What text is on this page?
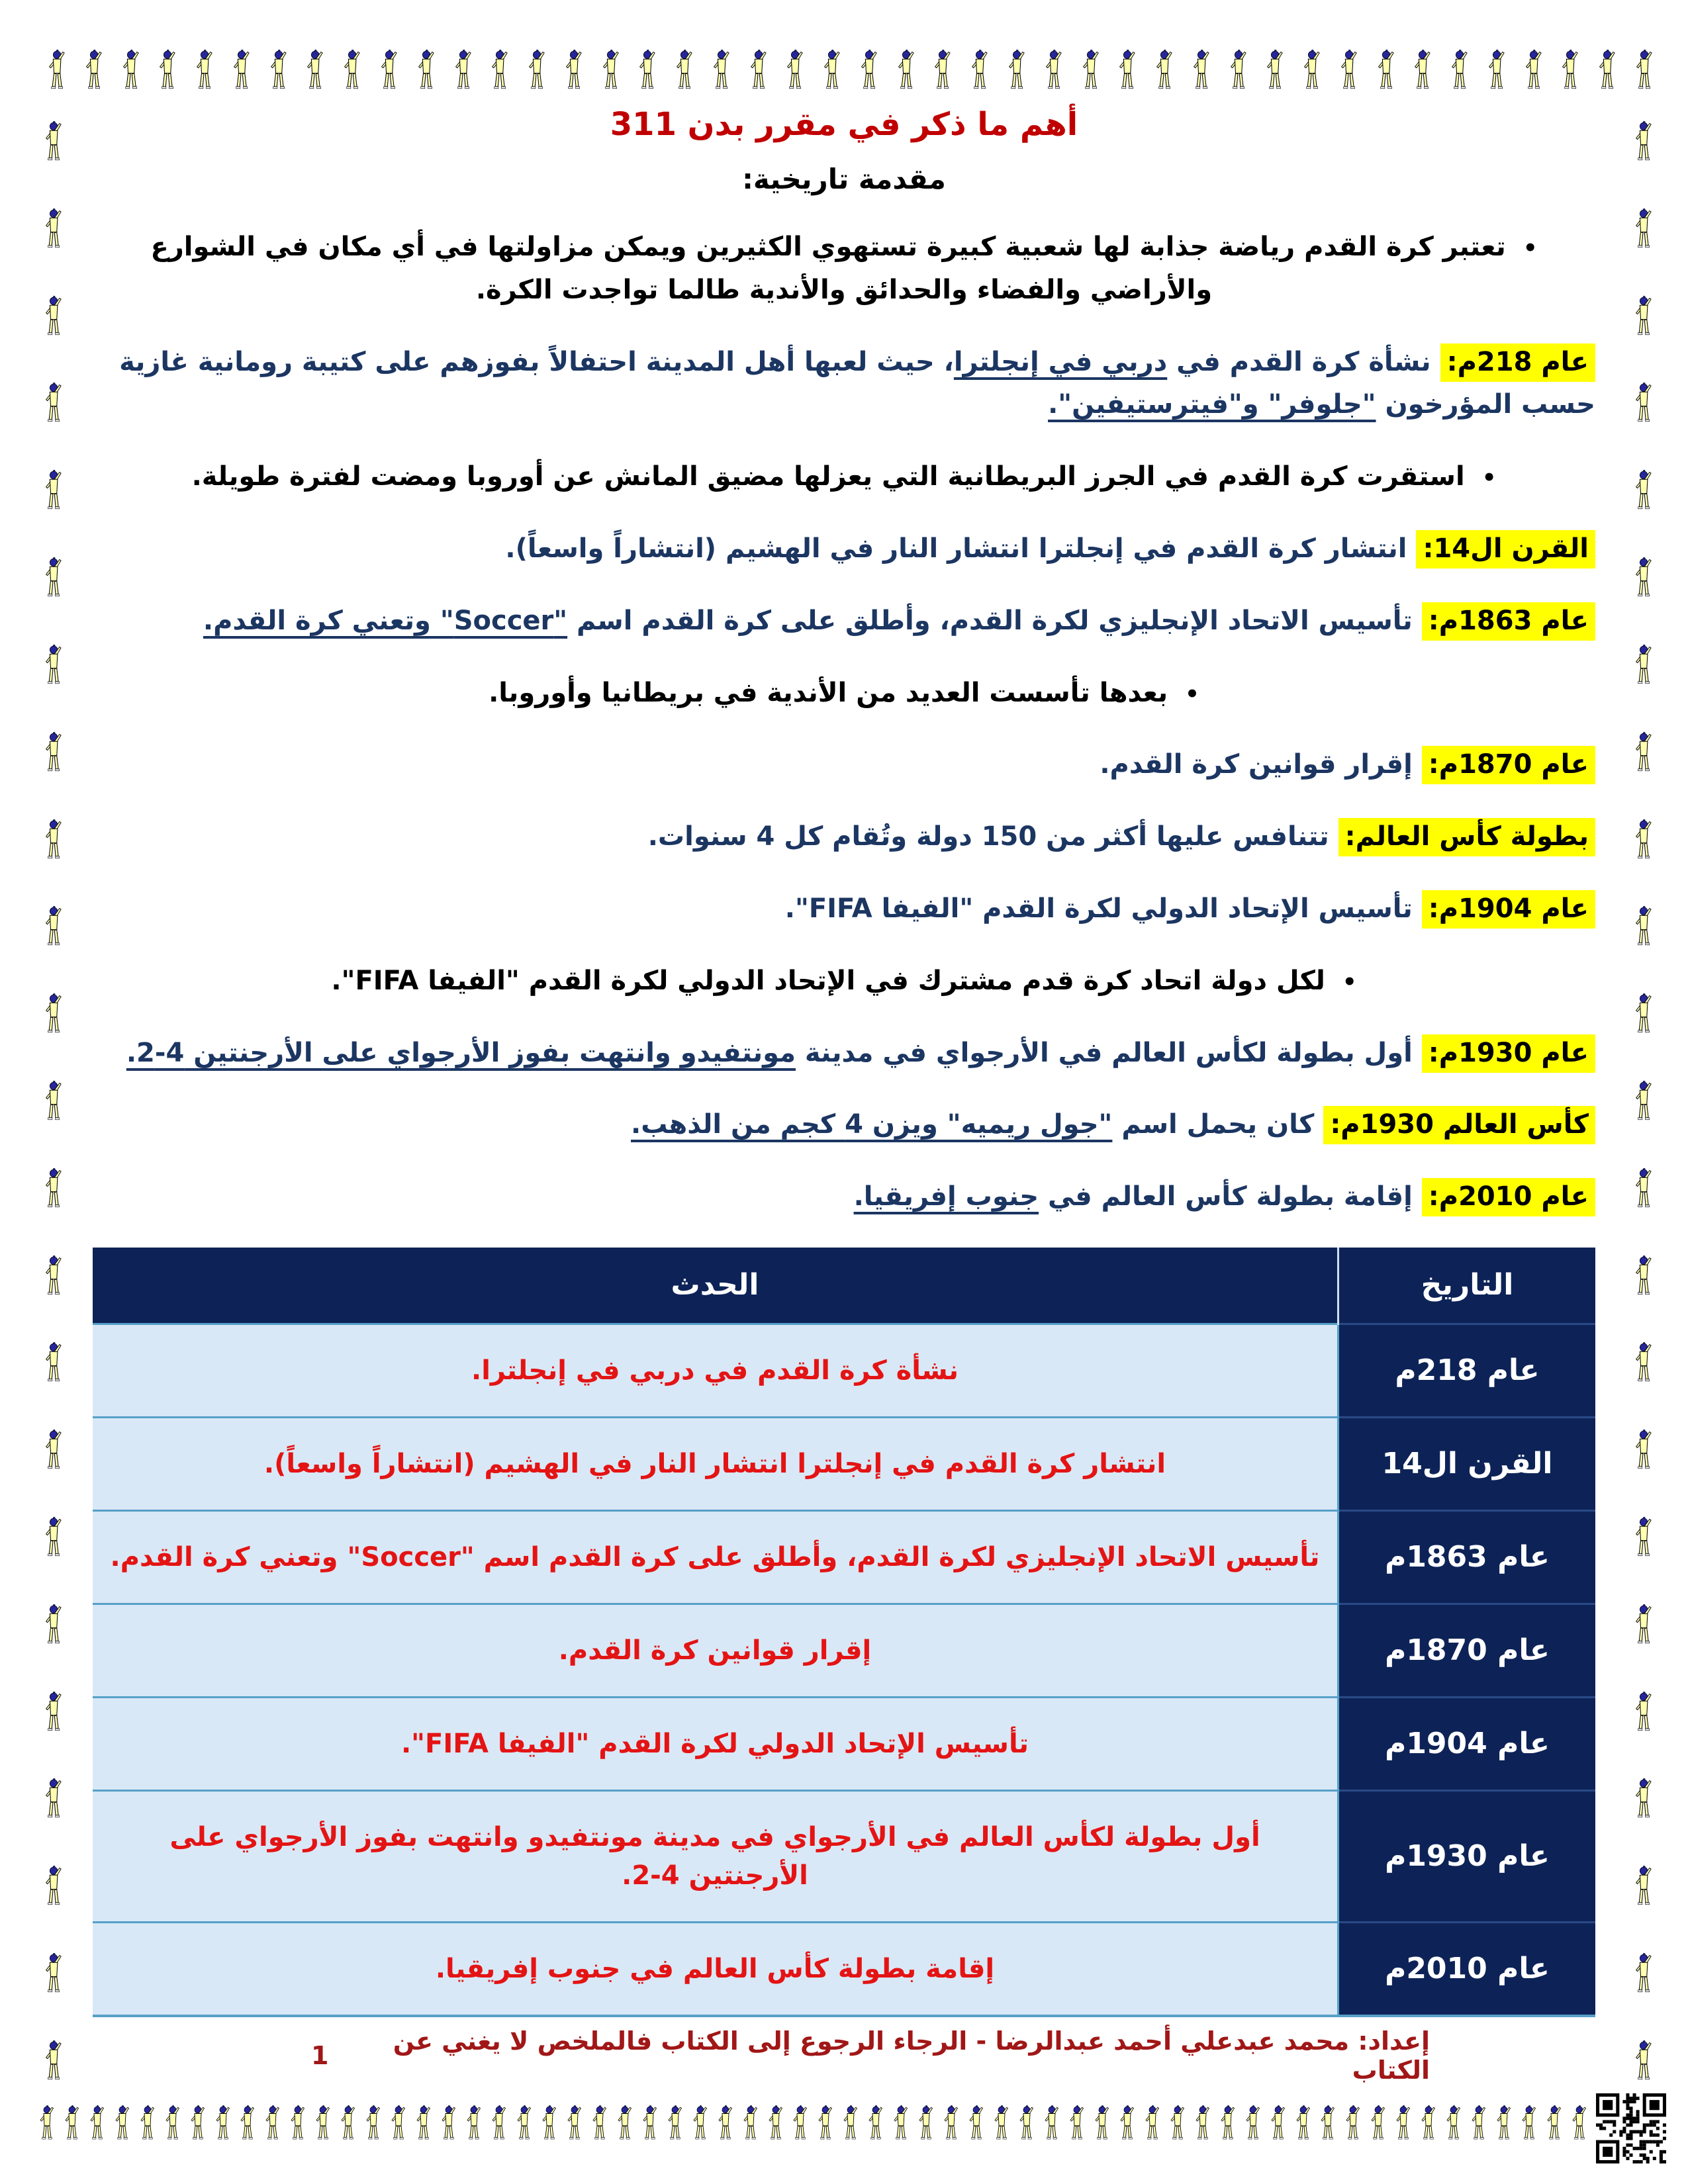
أهم ما ذكر في مقرر بدن 311
مقدمة تاريخية:

•تعتبر كرة القدم رياضة جذابة لها شعبية كبيرة تستهوي الكثيرين ويمكن مزاولتها في أي مكان في الشوارع والأراضي والفضاء والحدائق والأندية طالما تواجدت الكرة.

عام 218م: نشأة كرة القدم في دربي في إنجلترا، حيث لعبها أهل المدينة احتفالاً بفوزهم على كتيبة رومانية غازية حسب المؤرخون "جلوفر" و"فيترستيفين".

•استقرت كرة القدم في الجرز البريطانية التي يعزلها مضيق المانش عن أوروبا ومضت لفترة طويلة.

القرن ال14: انتشار كرة القدم في إنجلترا انتشار النار في الهشيم (انتشاراً واسعاً).

عام 1863م: تأسيس الاتحاد الإنجليزي لكرة القدم، وأطلق على كرة القدم اسم "Soccer" وتعني كرة القدم.

•بعدها تأسست العديد من الأندية في بريطانيا وأوروبا.

عام 1870م: إقرار قوانين كرة القدم.

بطولة كأس العالم: تتنافس عليها أكثر من 150 دولة وتُقام كل 4 سنوات.

عام 1904م: تأسيس الإتحاد الدولي لكرة القدم "الفيفا FIFA".

•لكل دولة اتحاد كرة قدم مشترك في الإتحاد الدولي لكرة القدم "الفيفا FIFA".

عام 1930م: أول بطولة لكأس العالم في الأرجواي في مدينة مونتفيدو وانتهت بفوز الأرجواي على الأرجنتين 4-2.

كأس العالم 1930م: كان يحمل اسم "جول ريميه" ويزن 4 كجم من الذهب.

عام 2010م: إقامة بطولة كأس العالم في جنوب إفريقيا.

التاريخ	الحدث
عام 218م	نشأة كرة القدم في دربي في إنجلترا.
القرن ال14	انتشار كرة القدم في إنجلترا انتشار النار في الهشيم (انتشاراً واسعاً).
عام 1863م	تأسيس الاتحاد الإنجليزي لكرة القدم، وأطلق على كرة القدم اسم "Soccer" وتعني كرة القدم.
عام 1870م	إقرار قوانين كرة القدم.
عام 1904م	تأسيس الإتحاد الدولي لكرة القدم "الفيفا FIFA".
عام 1930م	أول بطولة لكأس العالم في الأرجواي في مدينة مونتفيدو وانتهت بفوز الأرجواي على الأرجنتين 4-2.
عام 2010م	إقامة بطولة كأس العالم في جنوب إفريقيا.
إعداد: محمد عبدعلي أحمد عبدالرضا - الرجاء الرجوع إلى الكتاب فالملخص لا يغني عن الكتاب
1
